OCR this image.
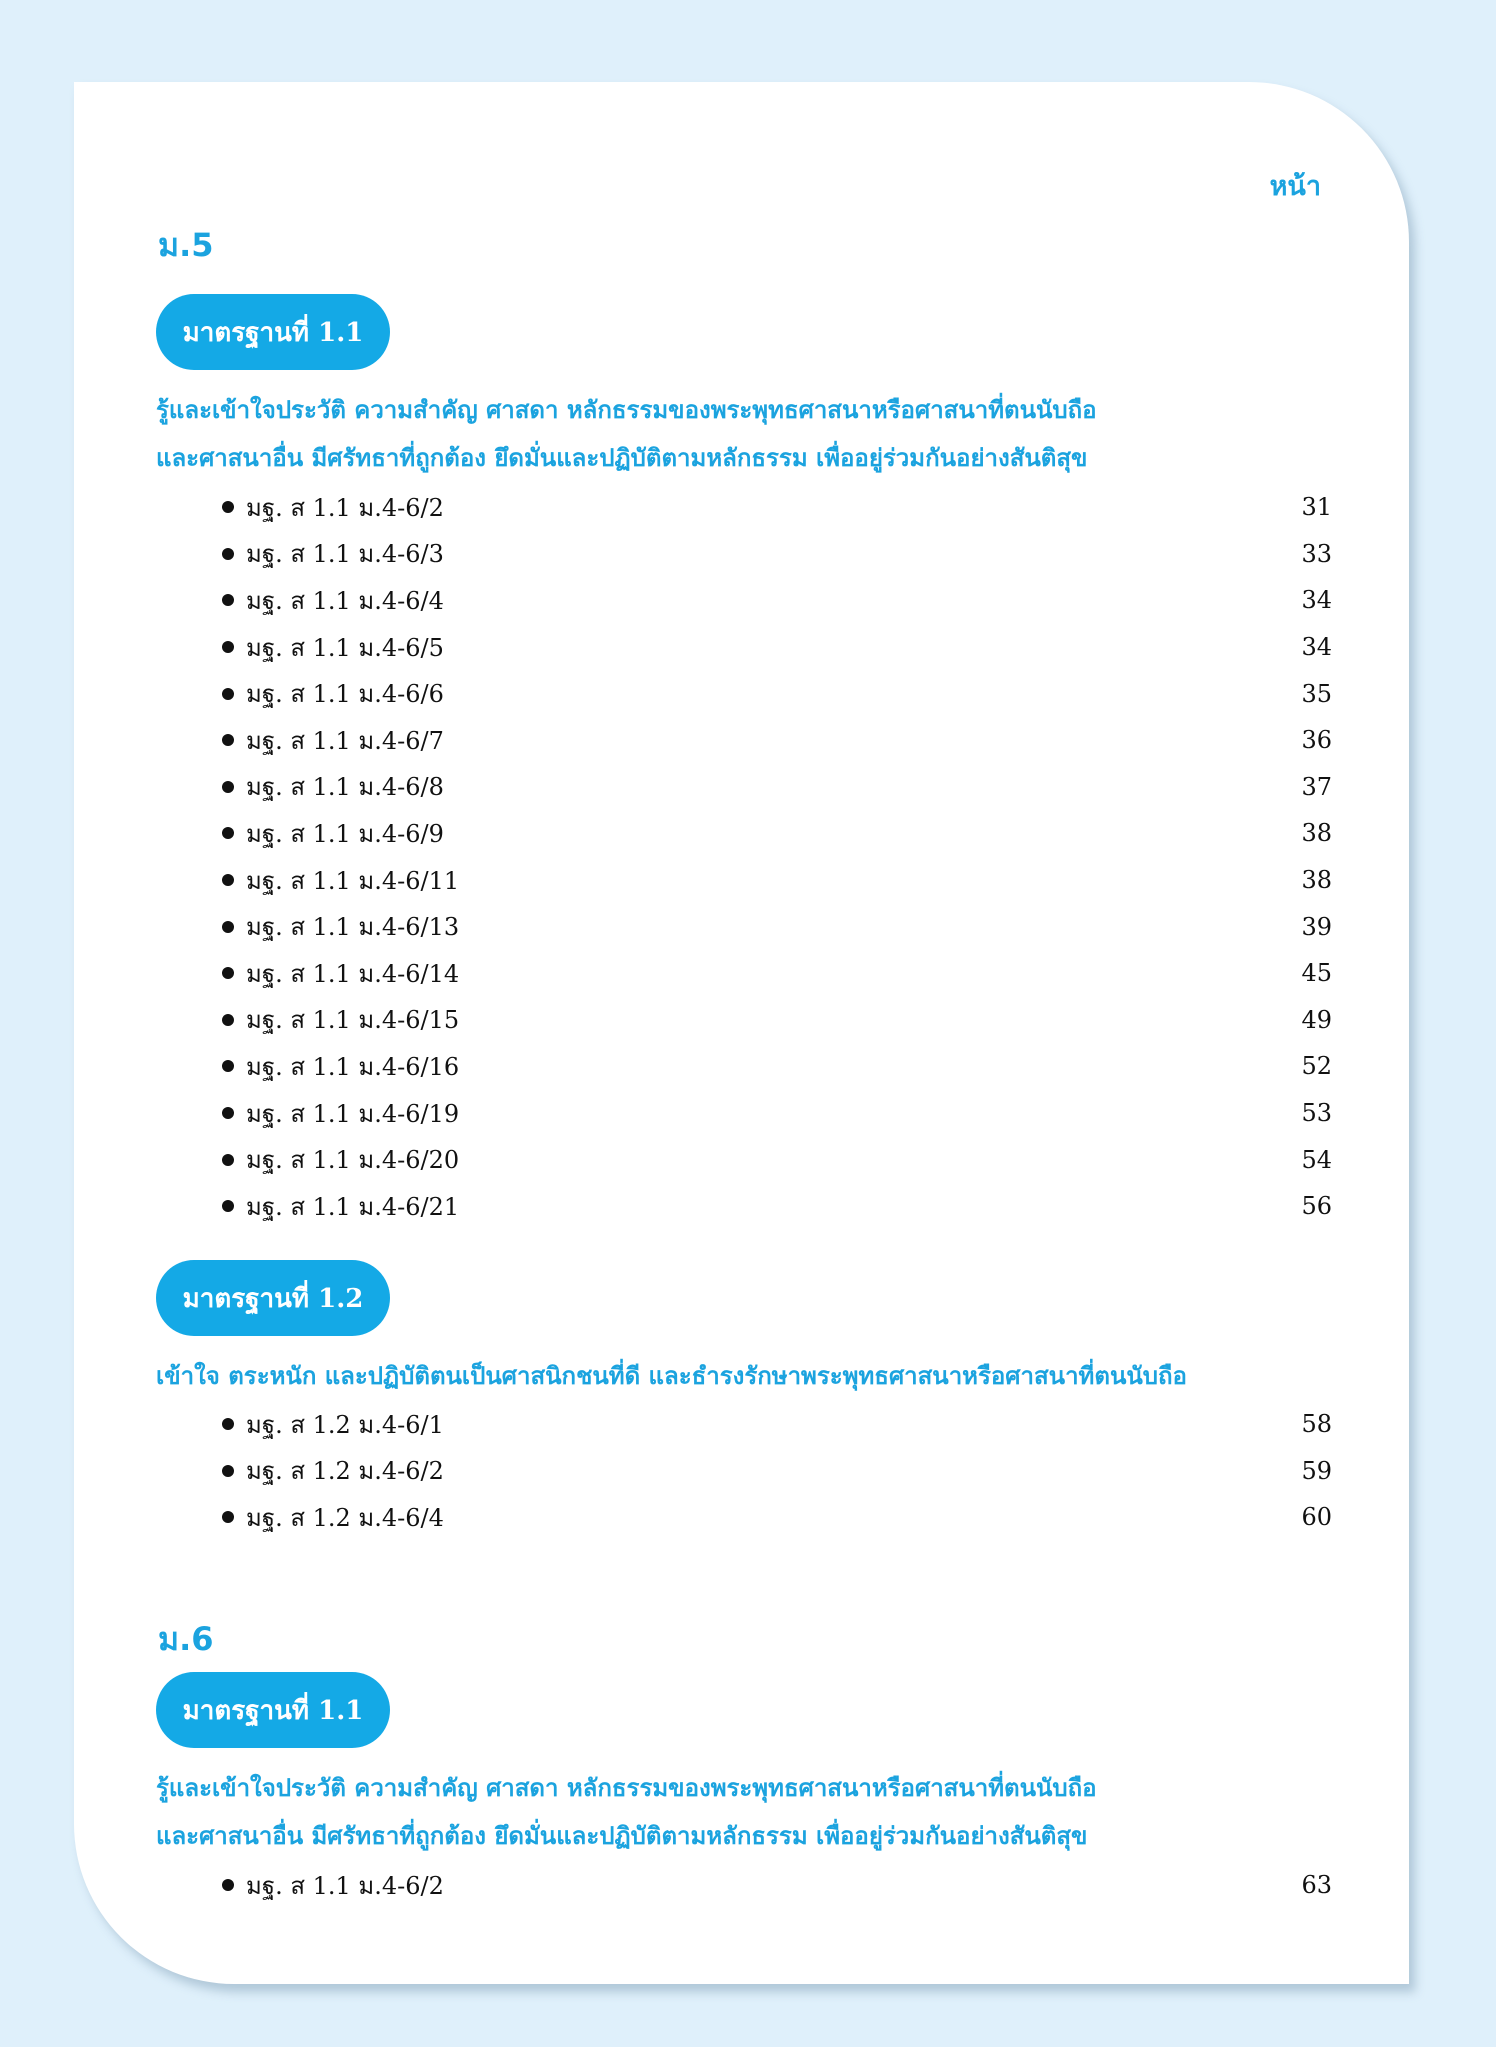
หน้า
ม.5
มาตรฐานที่ 1.1
รู้และเข้าใจประวัติ ความสำคัญ ศาสดา หลักธรรมของพระพุทธศาสนาหรือศาสนาที่ตนนับถือ
และศาสนาอื่น มีศรัทธาที่ถูกต้อง ยึดมั่นและปฏิบัติตามหลักธรรม เพื่ออยู่ร่วมกันอย่างสันติสุข
มฐ. ส 1.1 ม.4-6/2	31
มฐ. ส 1.1 ม.4-6/3	33
มฐ. ส 1.1 ม.4-6/4	34
มฐ. ส 1.1 ม.4-6/5	34
มฐ. ส 1.1 ม.4-6/6	35
มฐ. ส 1.1 ม.4-6/7	36
มฐ. ส 1.1 ม.4-6/8	37
มฐ. ส 1.1 ม.4-6/9	38
มฐ. ส 1.1 ม.4-6/11	38
มฐ. ส 1.1 ม.4-6/13	39
มฐ. ส 1.1 ม.4-6/14	45
มฐ. ส 1.1 ม.4-6/15	49
มฐ. ส 1.1 ม.4-6/16	52
มฐ. ส 1.1 ม.4-6/19	53
มฐ. ส 1.1 ม.4-6/20	54
มฐ. ส 1.1 ม.4-6/21	56
มาตรฐานที่ 1.2
เข้าใจ ตระหนัก และปฏิบัติตนเป็นศาสนิกชนที่ดี และธำรงรักษาพระพุทธศาสนาหรือศาสนาที่ตนนับถือ
มฐ. ส 1.2 ม.4-6/1	58
มฐ. ส 1.2 ม.4-6/2	59
มฐ. ส 1.2 ม.4-6/4	60
ม.6
มาตรฐานที่ 1.1
รู้และเข้าใจประวัติ ความสำคัญ ศาสดา หลักธรรมของพระพุทธศาสนาหรือศาสนาที่ตนนับถือ
และศาสนาอื่น มีศรัทธาที่ถูกต้อง ยึดมั่นและปฏิบัติตามหลักธรรม เพื่ออยู่ร่วมกันอย่างสันติสุข
มฐ. ส 1.1 ม.4-6/2	63
